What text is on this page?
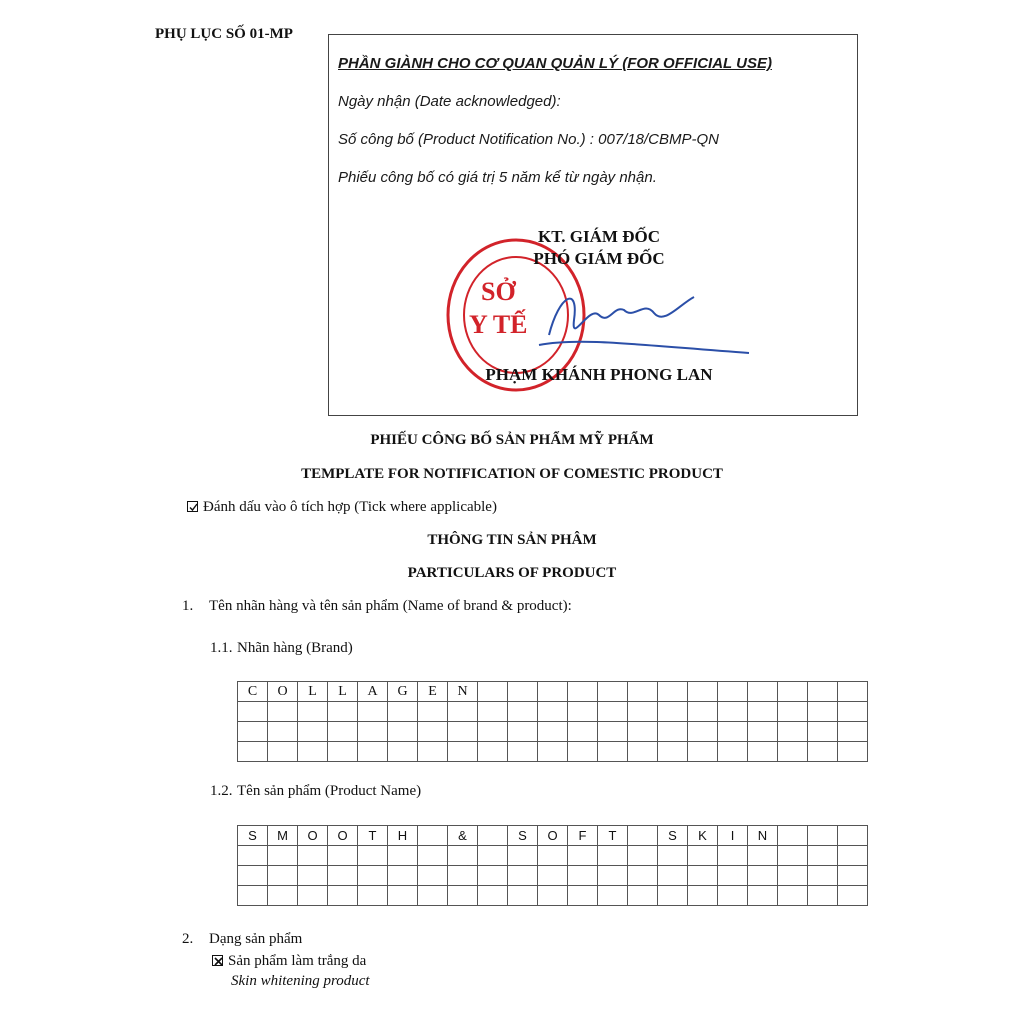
PHỤ LỤC SỐ 01-MP
PHẦN GIÀNH CHO CƠ QUAN QUẢN LÝ (FOR OFFICIAL USE)
Ngày nhận (Date acknowledged):
Số công bố (Product Notification No.) : 007/18/CBMP-QN
Phiếu công bố có giá trị 5 năm kể từ ngày nhận.
SỞ
Y TẾ
KT. GIÁM ĐỐC
PHÓ GIÁM ĐỐC
PHẠM KHÁNH PHONG LAN
PHIẾU CÔNG BỐ SẢN PHẨM MỸ PHẨM
TEMPLATE FOR NOTIFICATION OF COMESTIC PRODUCT
Đánh dấu vào ô tích hợp (Tick where applicable)
THÔNG TIN SẢN PHÂM
PARTICULARS OF PRODUCT
1. Tên nhãn hàng và tên sản phẩm (Name of brand & product):
1.1. Nhãn hàng (Brand)
C	O	L	L	A	G	E	N													

1.2. Tên sản phẩm (Product Name)
S	M	O	O	T	H		&		S	O	F	T		S	K	I	N			

2. Dạng sản phẩm
Sản phẩm làm trắng da
Skin whitening product
